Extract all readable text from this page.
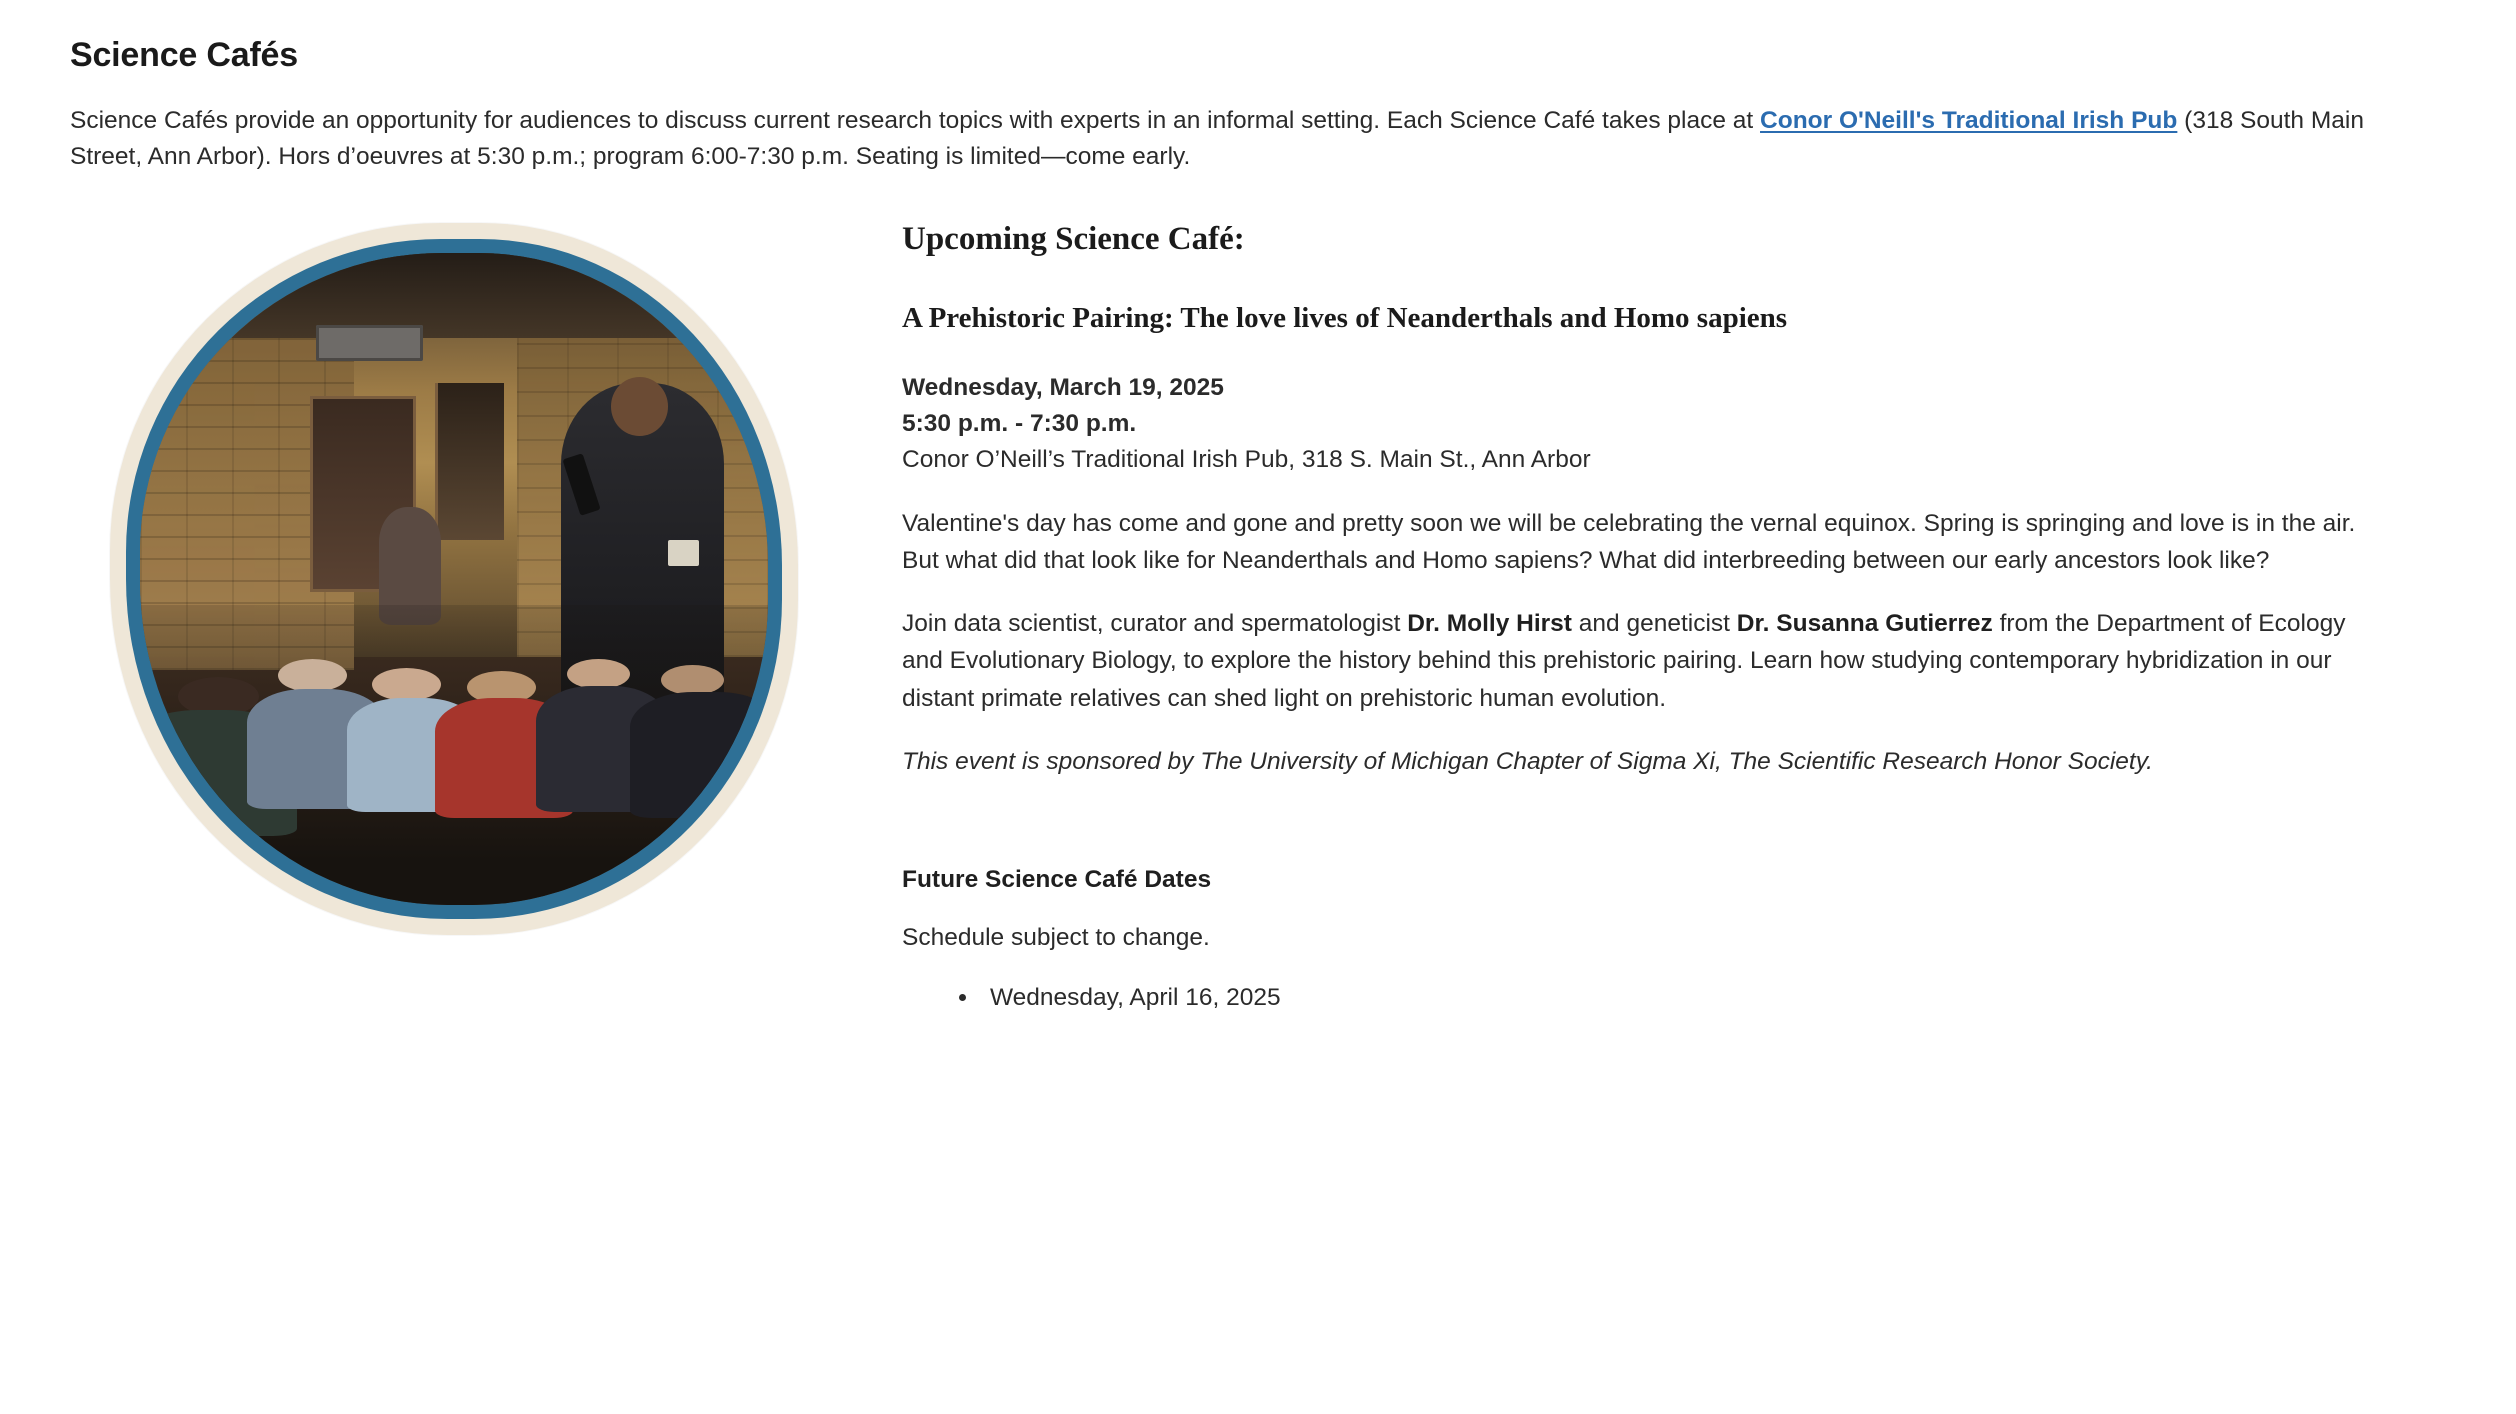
Science Cafés

Science Cafés provide an opportunity for audiences to discuss current research topics with experts in an informal setting. Each Science Café takes place at Conor O'Neill's Traditional Irish Pub (318 South Main Street, Ann Arbor). Hors d’oeuvres at 5:30 p.m.; program 6:00-7:30 p.m. Seating is limited—come early.

Upcoming Science Café:
A Prehistoric Pairing: The love lives of Neanderthals and Homo sapiens
Wednesday, March 19, 2025
5:30 p.m. - 7:30 p.m.
Conor O’Neill’s Traditional Irish Pub, 318 S. Main St., Ann Arbor

Valentine's day has come and gone and pretty soon we will be celebrating the vernal equinox. Spring is springing and love is in the air. But what did that look like for Neanderthals and Homo sapiens? What did interbreeding between our early ancestors look like?

Join data scientist, curator and spermatologist Dr. Molly Hirst and geneticist Dr. Susanna Gutierrez from the Department of Ecology and Evolutionary Biology, to explore the history behind this prehistoric pairing. Learn how studying contemporary hybridization in our distant primate relatives can shed light on prehistoric human evolution.

This event is sponsored by The University of Michigan Chapter of Sigma Xi, The Scientific Research Honor Society.

Future Science Café Dates

Schedule subject to change.

• Wednesday, April 16, 2025
